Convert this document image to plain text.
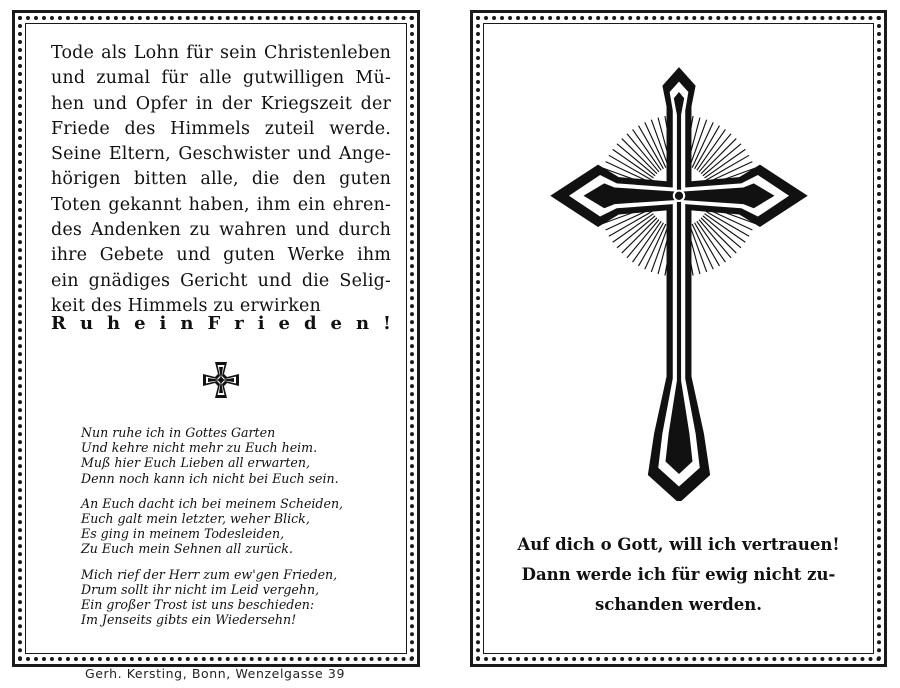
Tode als Lohn für sein Christenleben
und zumal für alle gutwilligen Mü-
hen und Opfer in der Kriegszeit der
Friede des Himmels zuteil werde.
Seine Eltern, Geschwister und Ange-
hörigen bitten alle, die den guten
Toten gekannt haben, ihm ein ehren-
des Andenken zu wahren und durch
ihre Gebete und guten Werke ihm
ein gnädiges Gericht und die Selig-
keit des Himmels zu erwirken
R u h e i n F r i e d e n !
Nun ruhe ich in Gottes Garten
Und kehre nicht mehr zu Euch heim.
Muß hier Euch Lieben all erwarten,
Denn noch kann ich nicht bei Euch sein.
An Euch dacht ich bei meinem Scheiden,
Euch galt mein letzter, weher Blick,
Es ging in meinem Todesleiden,
Zu Euch mein Sehnen all zurück.
Mich rief der Herr zum ew'gen Frieden,
Drum sollt ihr nicht im Leid vergehn,
Ein großer Trost ist uns beschieden:
Im Jenseits gibts ein Wiedersehn!
Auf dich o Gott, will ich vertrauen!
Dann werde ich für ewig nicht zu-
schanden werden.
Gerh. Kersting, Bonn, Wenzelgasse 39
